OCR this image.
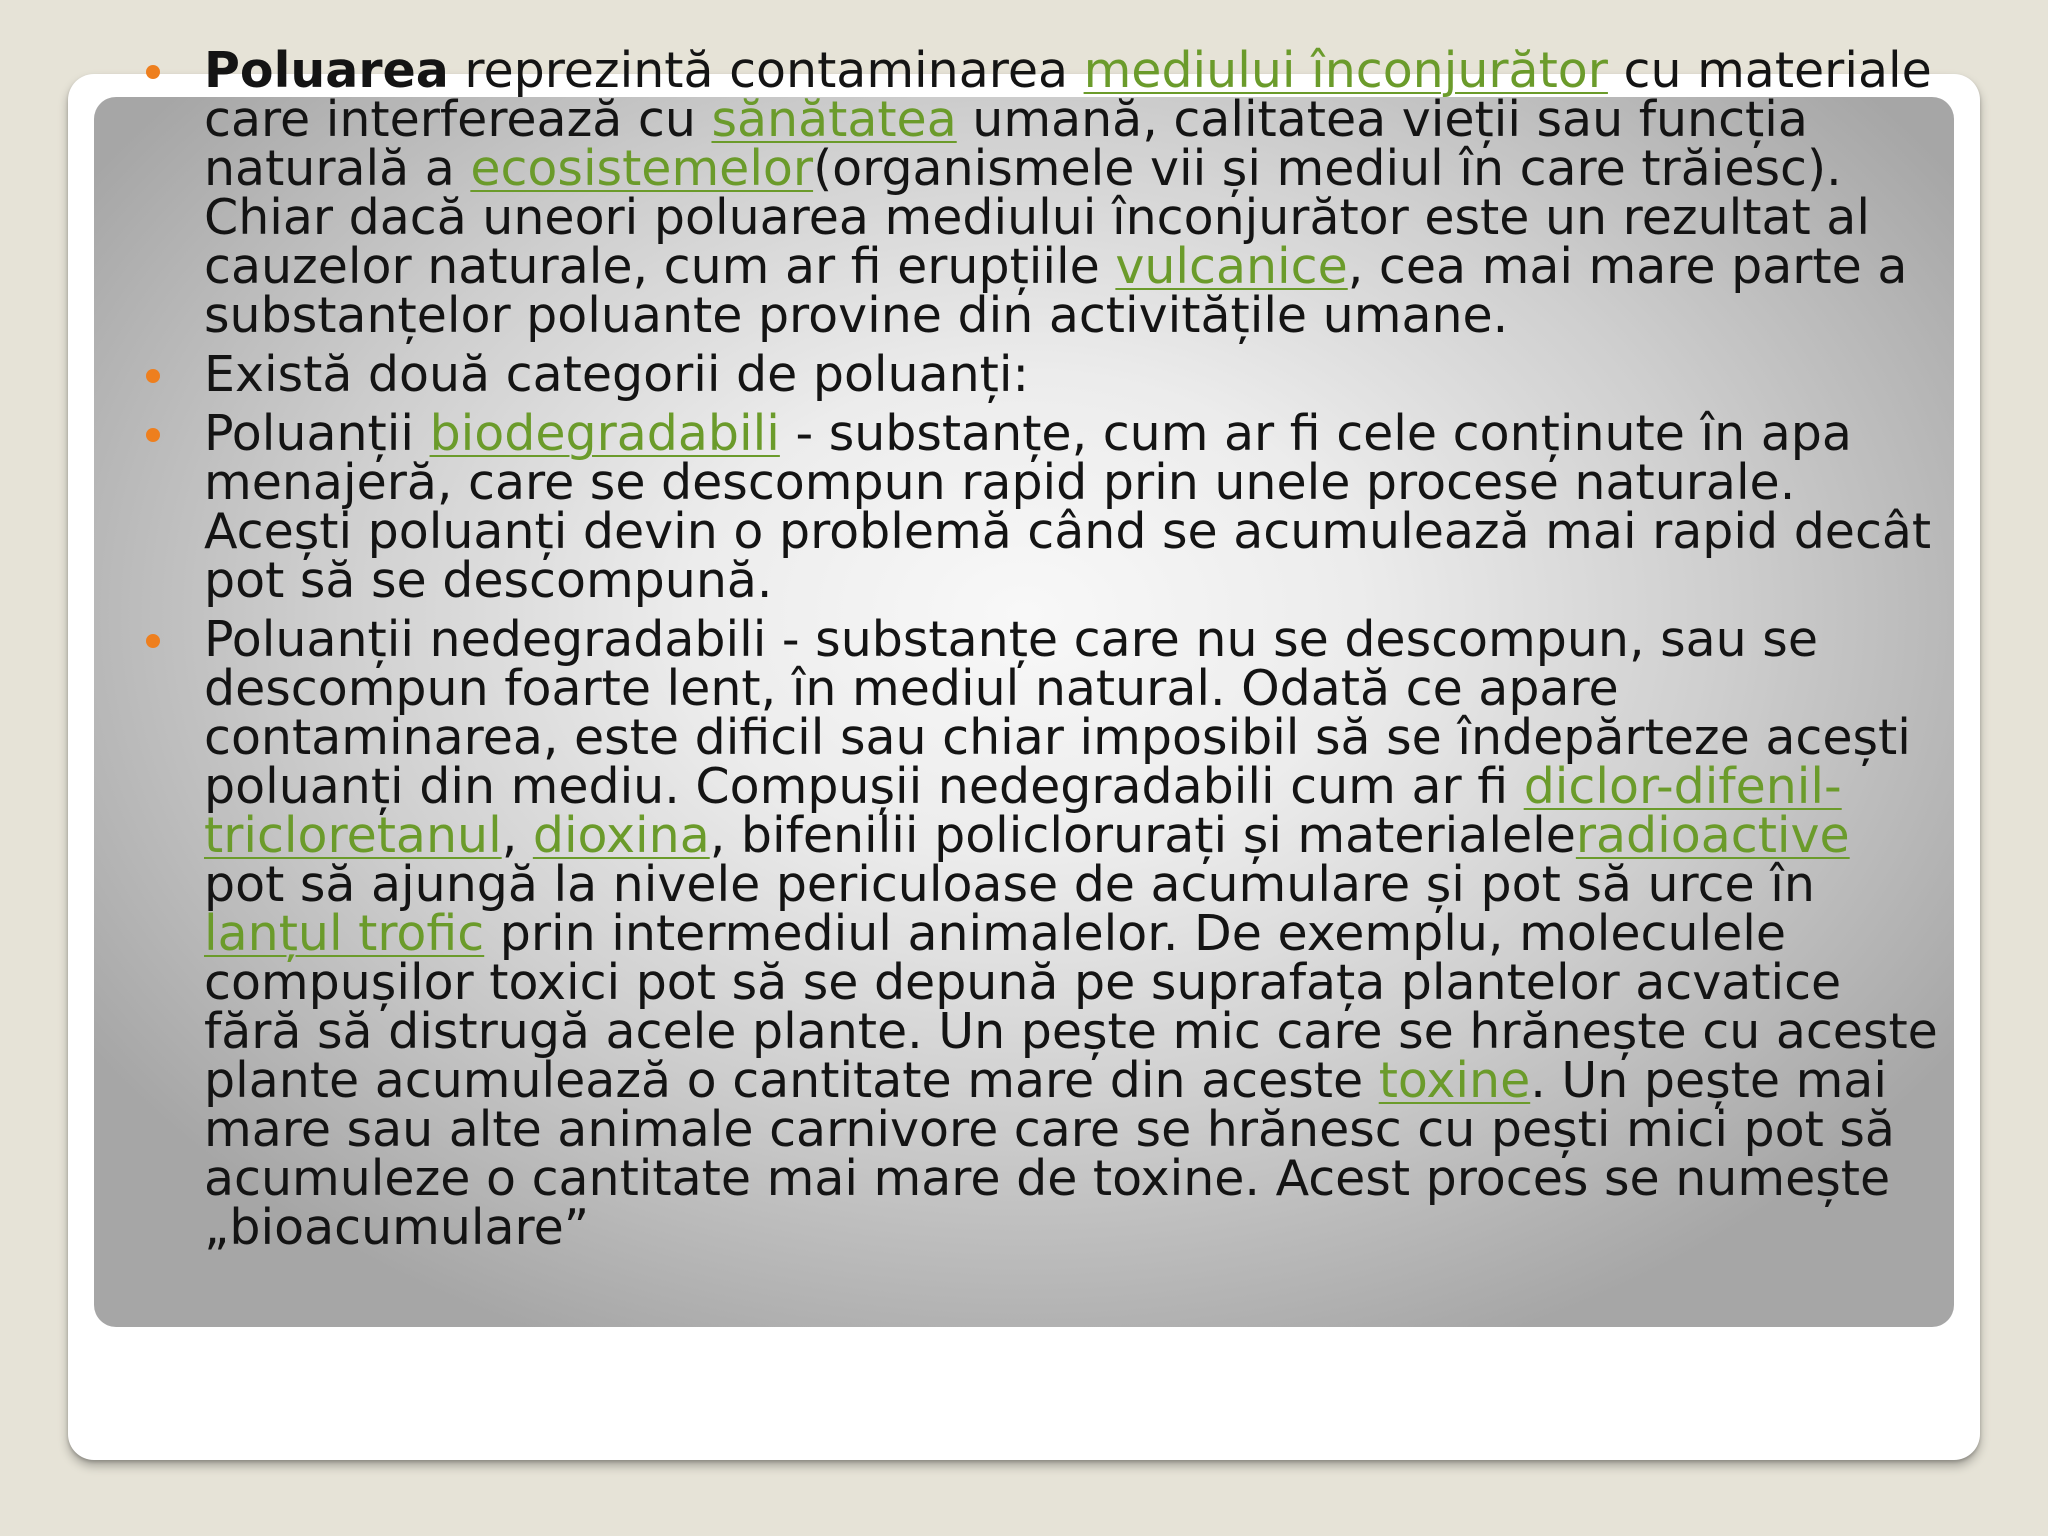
Poluarea reprezintă contaminarea mediului înconjurător cu materiale care interferează cu sănătatea umană, calitatea vieții sau funcția naturală a ecosistemelor(organismele vii și mediul în care trăiesc). Chiar dacă uneori poluarea mediului înconjurător este un rezultat al cauzelor naturale, cum ar fi erupțiile vulcanice, cea mai mare parte a substanțelor poluante provine din activitățile umane.
Există două categorii de poluanți:
Poluanții biodegradabili - substanțe, cum ar fi cele conținute în apa menajeră, care se descompun rapid prin unele procese naturale. Acești poluanți devin o problemă când se acumulează mai rapid decât pot să se descompună.
Poluanții nedegradabili - substanțe care nu se descompun, sau se descompun foarte lent, în mediul natural. Odată ce apare contaminarea, este dificil sau chiar imposibil să se îndepărteze acești poluanți din mediu. Compușii nedegradabili cum ar fi diclor-difenil-tricloretanul, dioxina, bifenilii policlorurați și materialeleradioactive pot să ajungă la nivele periculoase de acumulare și pot să urce în lanțul trofic prin intermediul animalelor. De exemplu, moleculele compușilor toxici pot să se depună pe suprafața plantelor acvatice fără să distrugă acele plante. Un pește mic care se hrănește cu aceste plante acumulează o cantitate mare din aceste toxine. Un pește mai mare sau alte animale carnivore care se hrănesc cu pești mici pot să acumuleze o cantitate mai mare de toxine. Acest proces se numește „bioacumulare”
